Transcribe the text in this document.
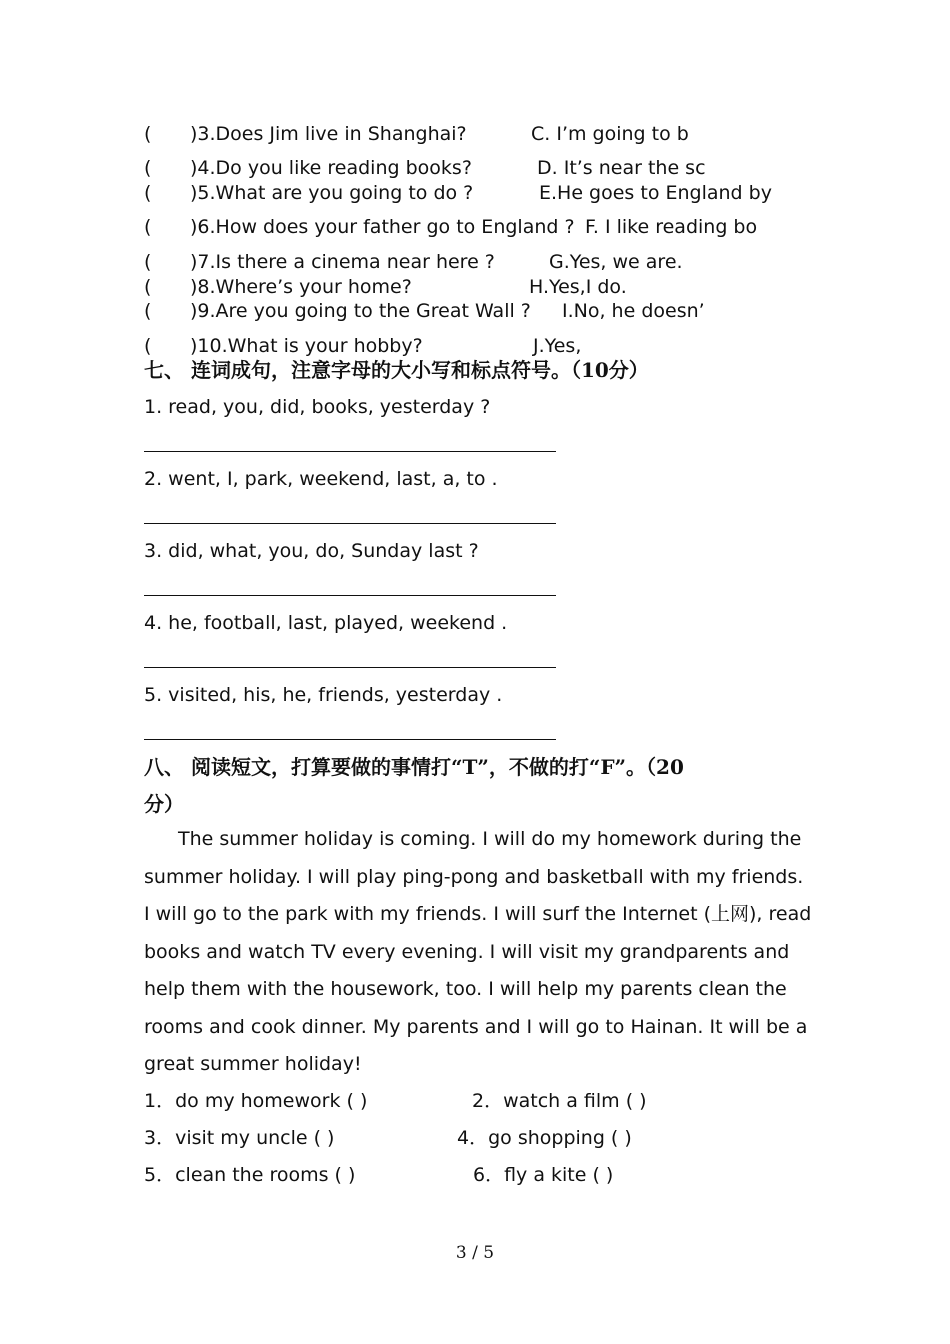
( )3.Does Jim live in Shanghai?	C. I’m going to b
( )4.Do you like reading books?	D. It’s near the sc
( )5.What are you going to do ?	E.He goes to England by
( )6.How does your father go to England ? F. I like reading bo
( )7.Is there a cinema near here ?	G.Yes, we are.
( )8.Where’s your home?	H.Yes,I do.
( )9.Are you going to the Great Wall ? I.No, he doesn’
( )10.What is your hobby?	J.Yes,
七、 连词成句，注意字母的大小写和标点符号。（10分）
1. read, you, did, books, yesterday ?
2. went, I, park, weekend, last, a, to .
3. did, what, you, do, Sunday last ?
4. he, football, last, played, weekend .
5. visited, his, he, friends, yesterday .
八、 阅读短文，打算要做的事情打“T”，不做的打“F”。（20
分）
The summer holiday is coming. I will do my homework during the summer holiday. I will play ping-pong and basketball with my friends. I will go to the park with my friends. I will surf the Internet (上网), read books and watch TV every evening. I will visit my grandparents and help them with the housework, too. I will help my parents clean the rooms and cook dinner. My parents and I will go to Hainan. It will be a great summer holiday!
1．do my homework ( )	2．watch a film ( )
3．visit my uncle ( )	4．go shopping ( )
5．clean the rooms ( )	6．fly a kite ( )
3 / 5
